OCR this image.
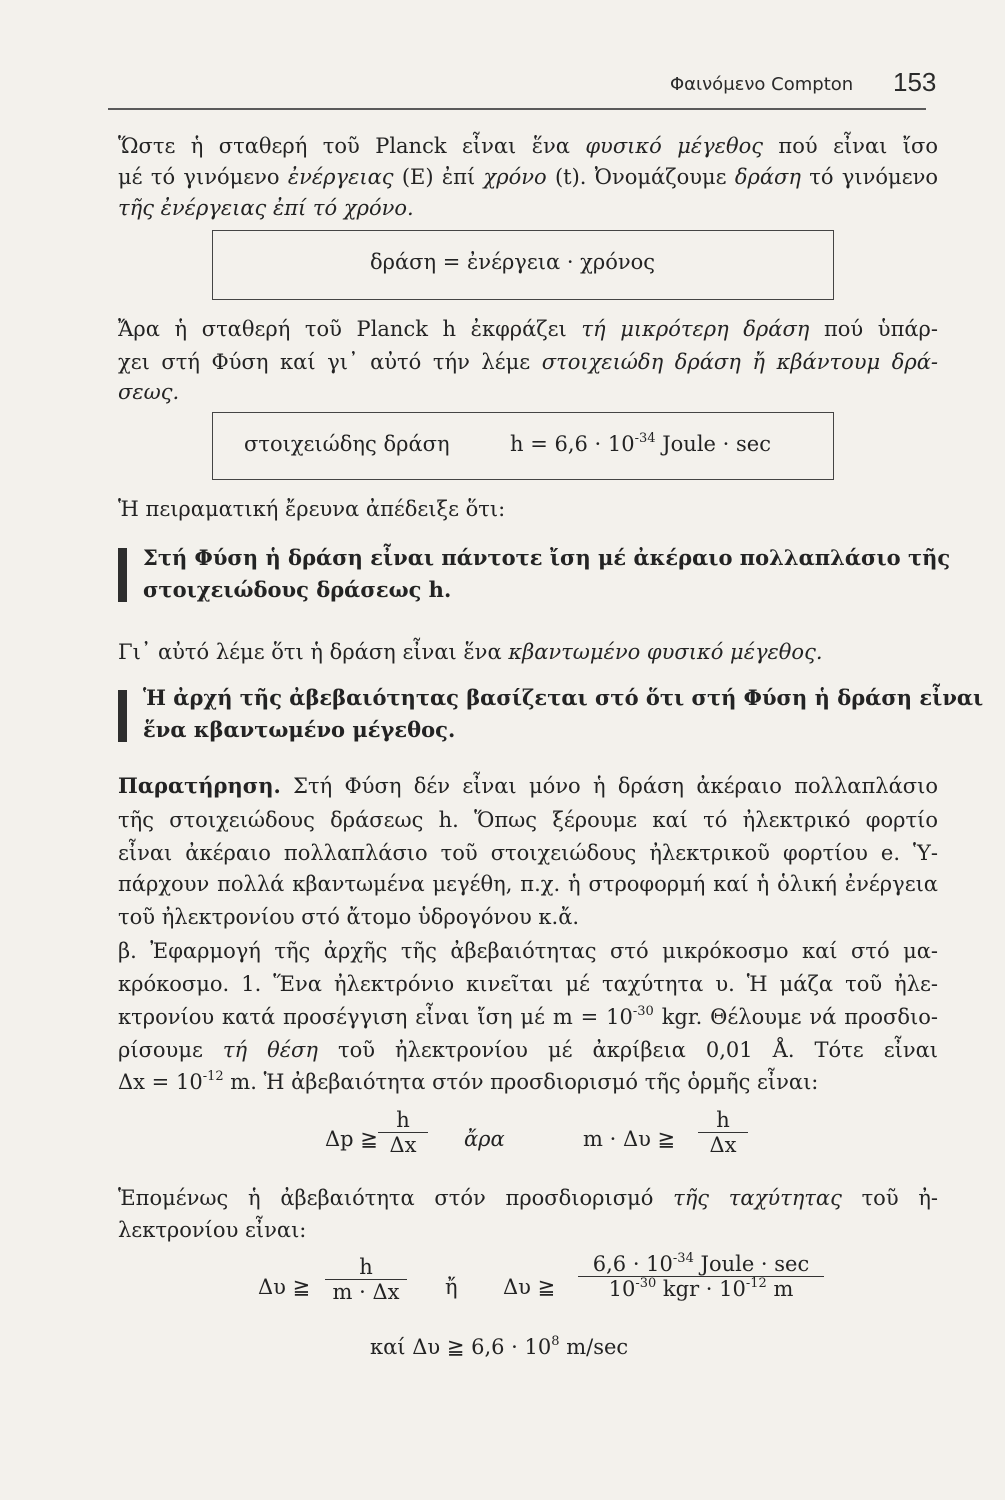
Φαινόμενο Compton 153
Ὥστε ἡ σταθερή τοῦ Planck εἶναι ἕνα φυσικό μέγεθος πού εἶναι ἴσο
μέ τό γινόμενο ἐνέργειας (E) ἐπί χρόνο (t). Ὀνομάζουμε δράση τό γινόμενο
τῆς ἐνέργειας ἐπί τό χρόνο.
δράση = ἐνέργεια · χρόνος
Ἄρα ἡ σταθερή τοῦ Planck h ἐκφράζει τή μικρότερη δράση πού ὑπάρ-
χει στή Φύση καί γι᾿ αὐτό τήν λέμε στοιχειώδη δράση ἤ κβάντουμ δρά-
σεως.
στοιχειώδης δράση	$h = 6,6 \cdot 10^{-34}$ Joule · sec
Ἡ πειραματική ἔρευνα ἀπέδειξε ὅτι:
Στή Φύση ἡ δράση εἶναι πάντοτε ἴση μέ ἀκέραιο πολλαπλάσιο τῆς
στοιχειώδους δράσεως h.
Γι᾿ αὐτό λέμε ὅτι ἡ δράση εἶναι ἕνα κβαντωμένο φυσικό μέγεθος.
Ἡ ἀρχή τῆς ἀβεβαιότητας βασίζεται στό ὅτι στή Φύση ἡ δράση εἶναι
ἕνα κβαντωμένο μέγεθος.
Παρατήρηση. Στή Φύση δέν εἶναι μόνο ἡ δράση ἀκέραιο πολλαπλάσιο
τῆς στοιχειώδους δράσεως h. Ὅπως ξέρουμε καί τό ἠλεκτρικό φορτίο
εἶναι ἀκέραιο πολλαπλάσιο τοῦ στοιχειώδους ἠλεκτρικοῦ φορτίου e. Ὑ-
πάρχουν πολλά κβαντωμένα μεγέθη, π.χ. ἡ στροφορμή καί ἡ ὁλική ἐνέργεια
τοῦ ἠλεκτρονίου στό ἄτομο ὑδρογόνου κ.ἄ.
β. Ἐφαρμογή τῆς ἀρχῆς τῆς ἀβεβαιότητας στό μικρόκοσμο καί στό μα-
κρόκοσμο. 1. Ἕνα ἠλεκτρόνιο κινεῖται μέ ταχύτητα υ. Ἡ μάζα τοῦ ἠλε-
κτρονίου κατά προσέγγιση εἶναι ἴση μέ $m = 10^{-30}$ kgr. Θέλουμε νά προσδιο-
ρίσουμε τή θέση τοῦ ἠλεκτρονίου μέ ἀκρίβεια 0,01 Å. Τότε εἶναι
$\Delta x = 10^{-12}$ m. Ἡ ἀβεβαιότητα στόν προσδιορισμό τῆς ὁρμῆς εἶναι:
Δp ≧ $\frac{h}{\Delta x}$ ἄρα	m · Δυ ≧ $\frac{h}{\Delta x}$
Ἑπομένως ἡ ἀβεβαιότητα στόν προσδιορισμό τῆς ταχύτητας τοῦ ἠ-
λεκτρονίου εἶναι:
Δυ ≧ $\frac{h}{m \cdot \Delta x}$ ἤ Δυ ≧
$6,6 \cdot 10^{-34}$ Joule · sec
$10^{-30}$ kgr · $10^{-12}$ m
καί Δυ ≧ $6,6 \cdot 10^8$ m/sec
